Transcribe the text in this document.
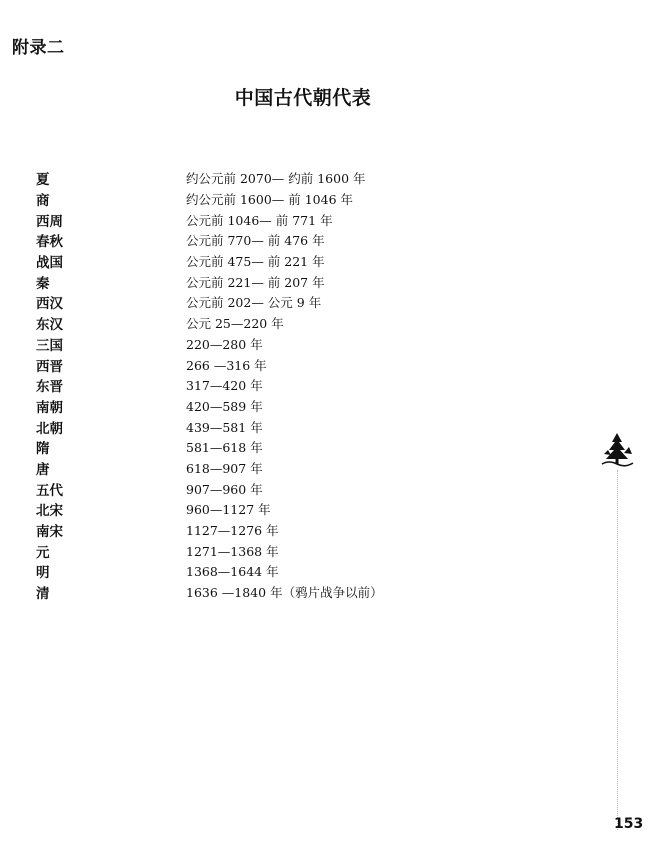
附录二
中国古代朝代表
夏	约公元前 2070— 约前 1600 年
商	约公元前 1600— 前 1046 年
西周	公元前 1046— 前 771 年
春秋	公元前 770— 前 476 年
战国	公元前 475— 前 221 年
秦	公元前 221— 前 207 年
西汉	公元前 202— 公元 9 年
东汉	公元 25—220 年
三国	220—280 年
西晋	266 —316 年
东晋	317—420 年
南朝	420—589 年
北朝	439—581 年
隋	581—618 年
唐	618—907 年
五代	907—960 年
北宋	960—1127 年
南宋	1127—1276 年
元	1271—1368 年
明	1368—1644 年
清	1636 —1840 年（鸦片战争以前）
153
